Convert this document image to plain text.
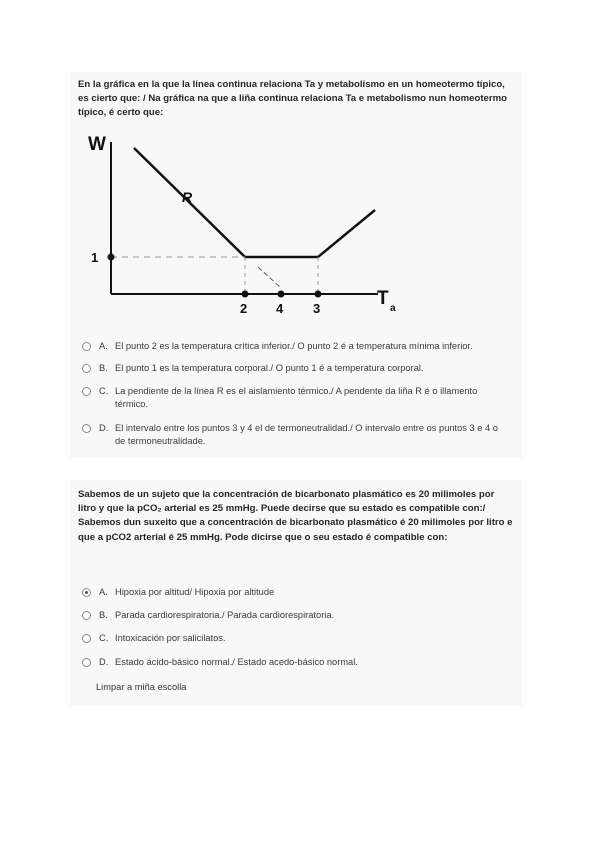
En la gráfica en la que la línea continua relaciona Ta y metabolismo en un homeotermo típico, es cierto que: / Na gráfica na que a liña continua relaciona Ta e metabolismo nun homeotermo típico, é certo que:
W
T a
R
1
2 4 3
A. El punto 2 es la temperatura crítica inferior./ O punto 2 é a temperatura mínima inferior.
B. El punto 1 es la temperatura corporal./ O punto 1 é a temperatura corporal.
C. La pendiente de la línea R es el aislamiento térmico./ A pendente da liña R é o illamento térmico.
D. El intervalo entre los puntos 3 y 4 el de termoneutralidad./ O intervalo entre os puntos 3 e 4 o de termoneutralidade.
Sabemos de un sujeto que la concentración de bicarbonato plasmático es 20 milimoles por litro y que la pCO₂ arterial es 25 mmHg. Puede decirse que su estado es compatible con:/ Sabemos dun suxeito que a concentración de bicarbonato plasmático é 20 milimoles por litro e que a pCO2 arterial é 25 mmHg. Pode dicirse que o seu estado é compatible con:
A. Hipoxia por altitud/ Hipoxia por altitude
B. Parada cardiorespiratoria./ Parada cardiorespiratoria.
C. Intoxicación por salicilatos.
D. Estado ácido-básico normal./ Estado acedo-básico normal.
Limpar a miña escolla
